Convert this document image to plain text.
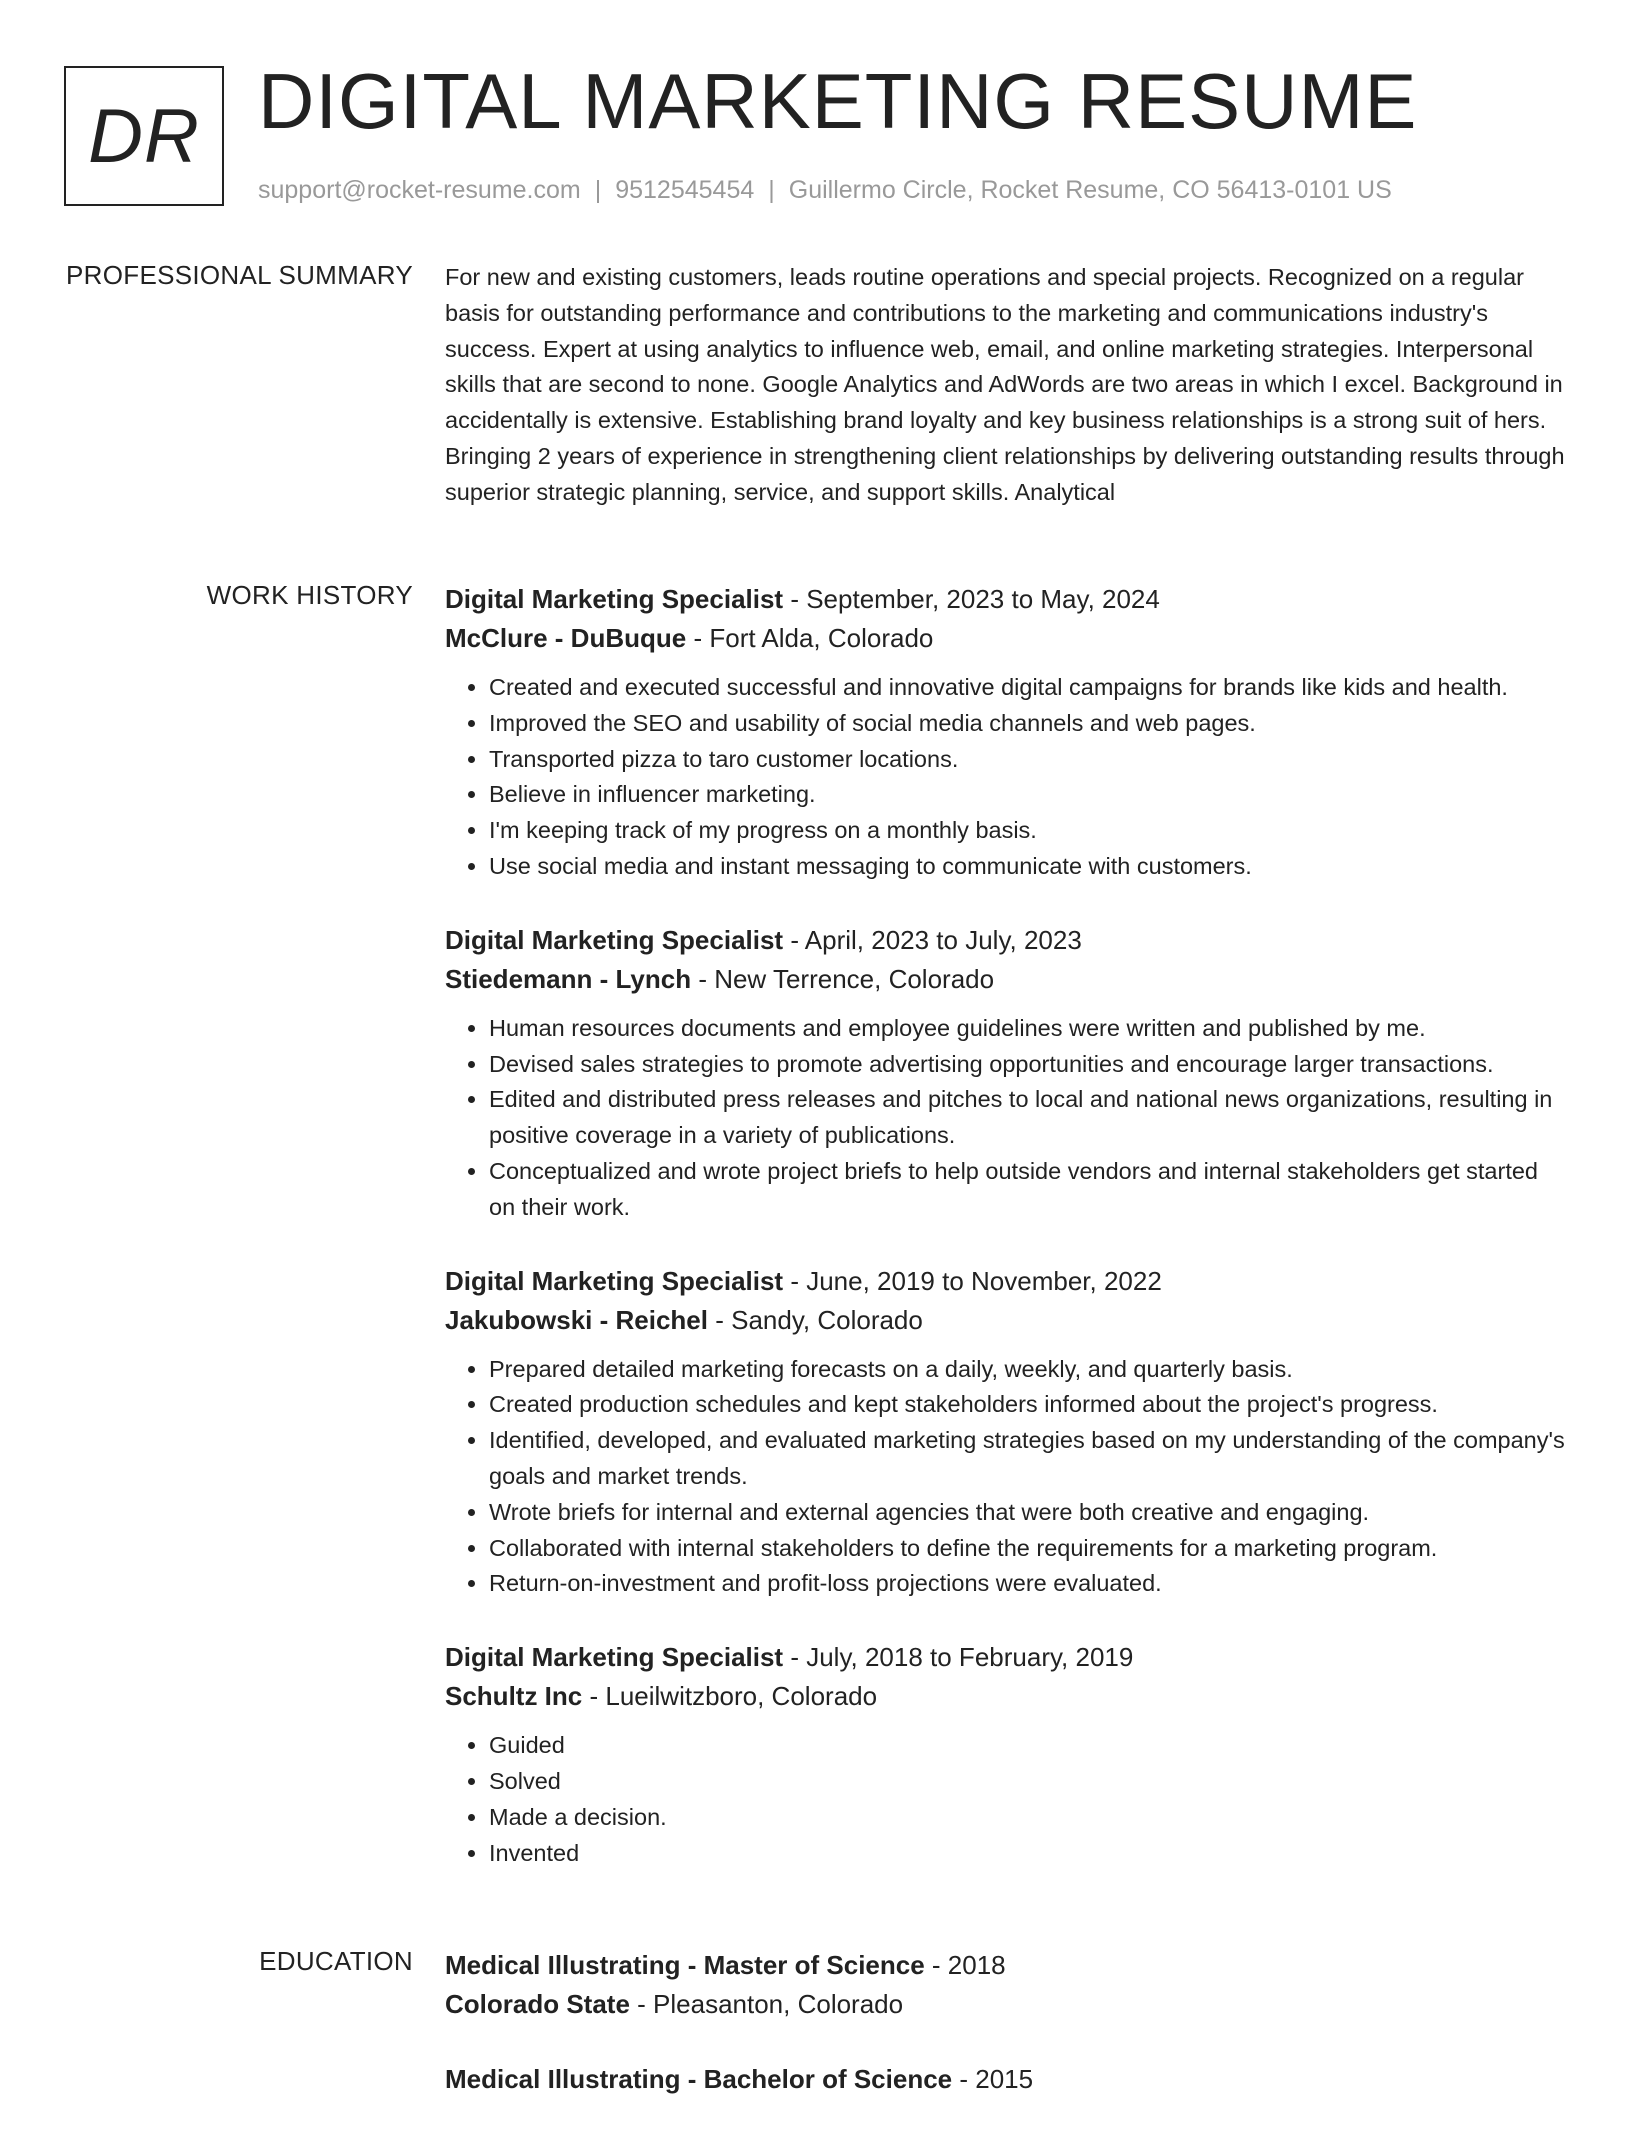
DR DIGITAL MARKETING RESUME
support@rocket-resume.com | 9512545454 | Guillermo Circle, Rocket Resume, CO 56413-0101 US
PROFESSIONAL SUMMARY For new and existing customers, leads routine operations and special projects. Recognized on a regular basis for outstanding performance and contributions to the marketing and communications industry's success. Expert at using analytics to influence web, email, and online marketing strategies. Interpersonal skills that are second to none. Google Analytics and AdWords are two areas in which I excel. Background in accidentally is extensive. Establishing brand loyalty and key business relationships is a strong suit of hers. Bringing 2 years of experience in strengthening client relationships by delivering outstanding results through superior strategic planning, service, and support skills. Analytical
WORK HISTORY Digital Marketing Specialist - September, 2023 to May, 2024
McClure - DuBuque - Fort Alda, Colorado
• Created and executed successful and innovative digital campaigns for brands like kids and health.
• Improved the SEO and usability of social media channels and web pages.
• Transported pizza to taro customer locations.
• Believe in influencer marketing.
• I'm keeping track of my progress on a monthly basis.
• Use social media and instant messaging to communicate with customers.
Digital Marketing Specialist - April, 2023 to July, 2023
Stiedemann - Lynch - New Terrence, Colorado
• Human resources documents and employee guidelines were written and published by me.
• Devised sales strategies to promote advertising opportunities and encourage larger transactions.
• Edited and distributed press releases and pitches to local and national news organizations, resulting in positive coverage in a variety of publications.
• Conceptualized and wrote project briefs to help outside vendors and internal stakeholders get started on their work.
Digital Marketing Specialist - June, 2019 to November, 2022
Jakubowski - Reichel - Sandy, Colorado
• Prepared detailed marketing forecasts on a daily, weekly, and quarterly basis.
• Created production schedules and kept stakeholders informed about the project's progress.
• Identified, developed, and evaluated marketing strategies based on my understanding of the company's goals and market trends.
• Wrote briefs for internal and external agencies that were both creative and engaging.
• Collaborated with internal stakeholders to define the requirements for a marketing program.
• Return-on-investment and profit-loss projections were evaluated.
Digital Marketing Specialist - July, 2018 to February, 2019
Schultz Inc - Lueilwitzboro, Colorado
• Guided
• Solved
• Made a decision.
• Invented
EDUCATION Medical Illustrating - Master of Science - 2018
Colorado State - Pleasanton, Colorado
Medical Illustrating - Bachelor of Science - 2015
